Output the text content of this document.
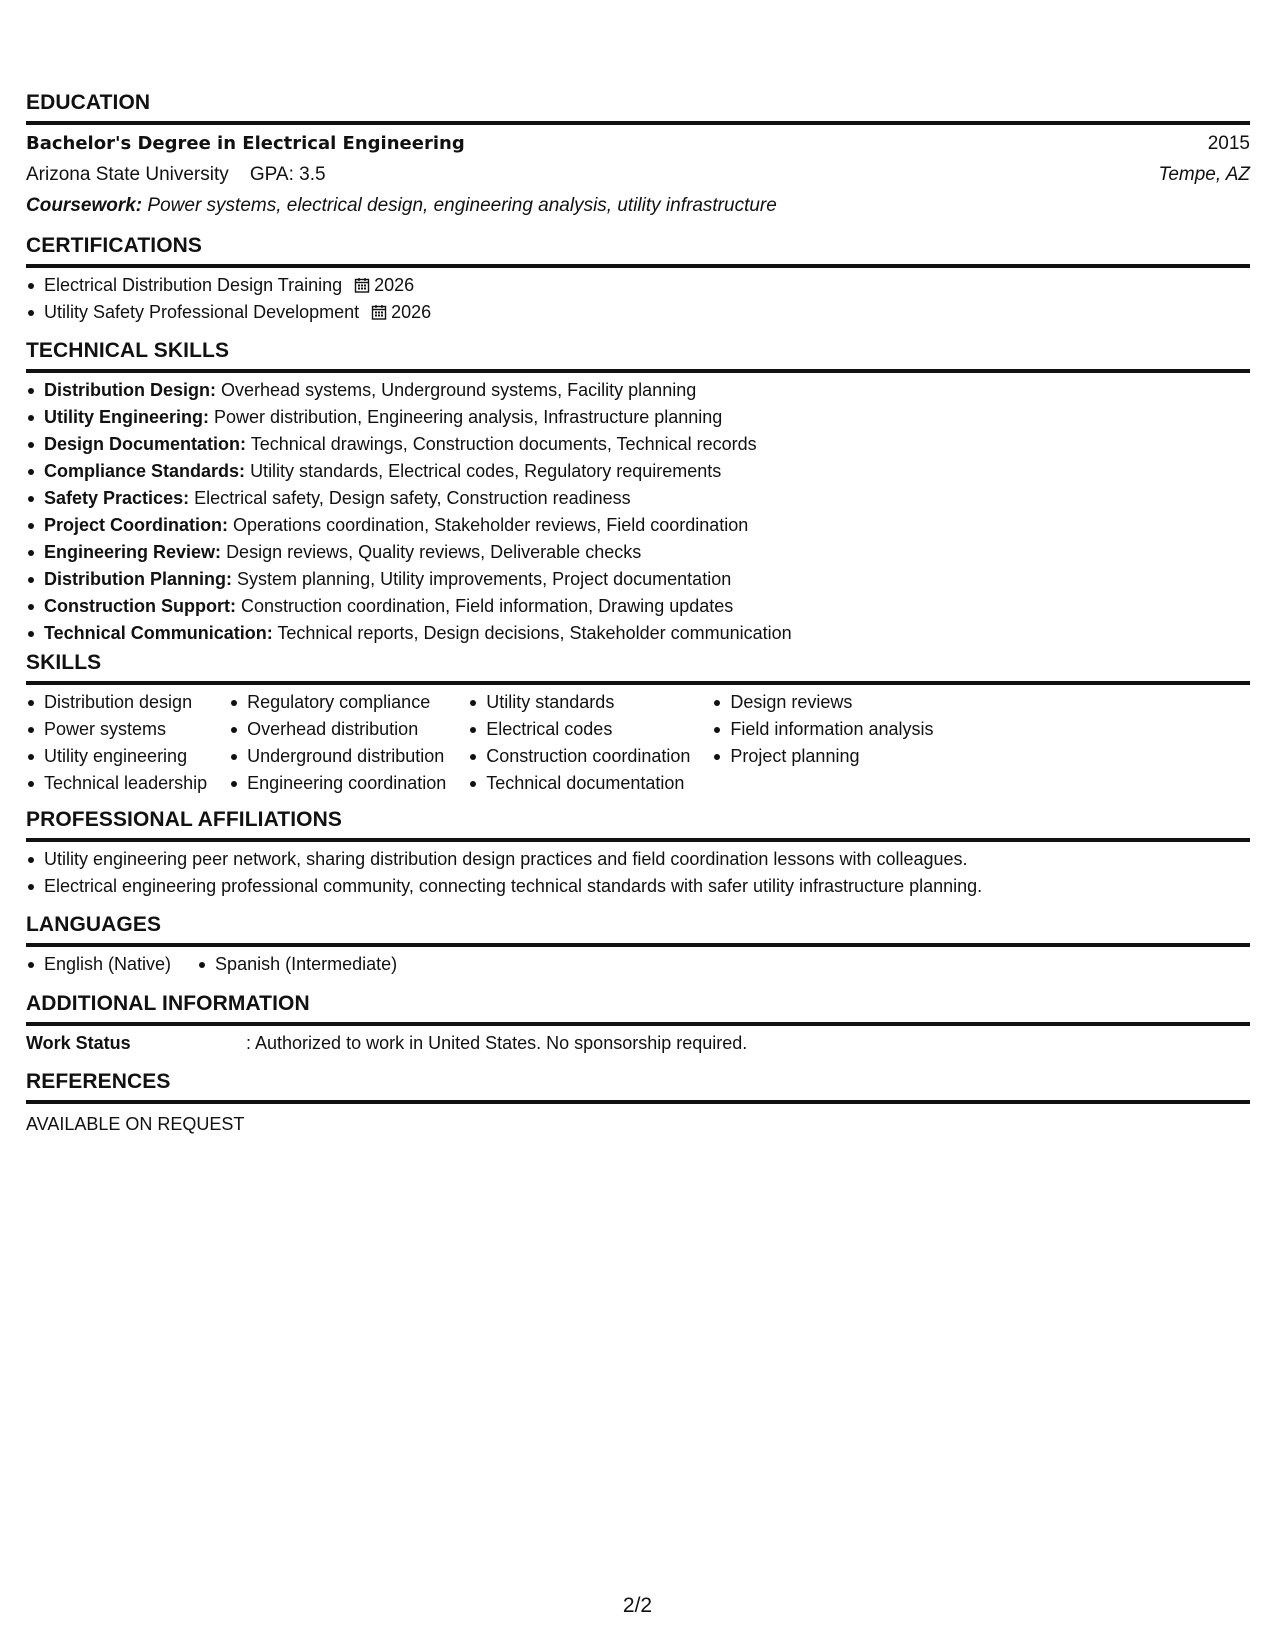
EDUCATION
Bachelor's Degree in Electrical Engineering	2015
Arizona State University GPA: 3.5	Tempe, AZ
Coursework: Power systems, electrical design, engineering analysis, utility infrastructure
CERTIFICATIONS
Electrical Distribution Design Training 2026
Utility Safety Professional Development 2026
TECHNICAL SKILLS
Distribution Design: Overhead systems, Underground systems, Facility planning
Utility Engineering: Power distribution, Engineering analysis, Infrastructure planning
Design Documentation: Technical drawings, Construction documents, Technical records
Compliance Standards: Utility standards, Electrical codes, Regulatory requirements
Safety Practices: Electrical safety, Design safety, Construction readiness
Project Coordination: Operations coordination, Stakeholder reviews, Field coordination
Engineering Review: Design reviews, Quality reviews, Deliverable checks
Distribution Planning: System planning, Utility improvements, Project documentation
Construction Support: Construction coordination, Field information, Drawing updates
Technical Communication: Technical reports, Design decisions, Stakeholder communication
SKILLS
Distribution design
Power systems
Utility engineering
Technical leadership
Regulatory compliance
Overhead distribution
Underground distribution
Engineering coordination
Utility standards
Electrical codes
Construction coordination
Technical documentation
Design reviews
Field information analysis
Project planning
PROFESSIONAL AFFILIATIONS
Utility engineering peer network, sharing distribution design practices and field coordination lessons with colleagues.
Electrical engineering professional community, connecting technical standards with safer utility infrastructure planning.
LANGUAGES
English (Native)	Spanish (Intermediate)
ADDITIONAL INFORMATION
Work Status	: Authorized to work in United States. No sponsorship required.
REFERENCES
AVAILABLE ON REQUEST
2/2
